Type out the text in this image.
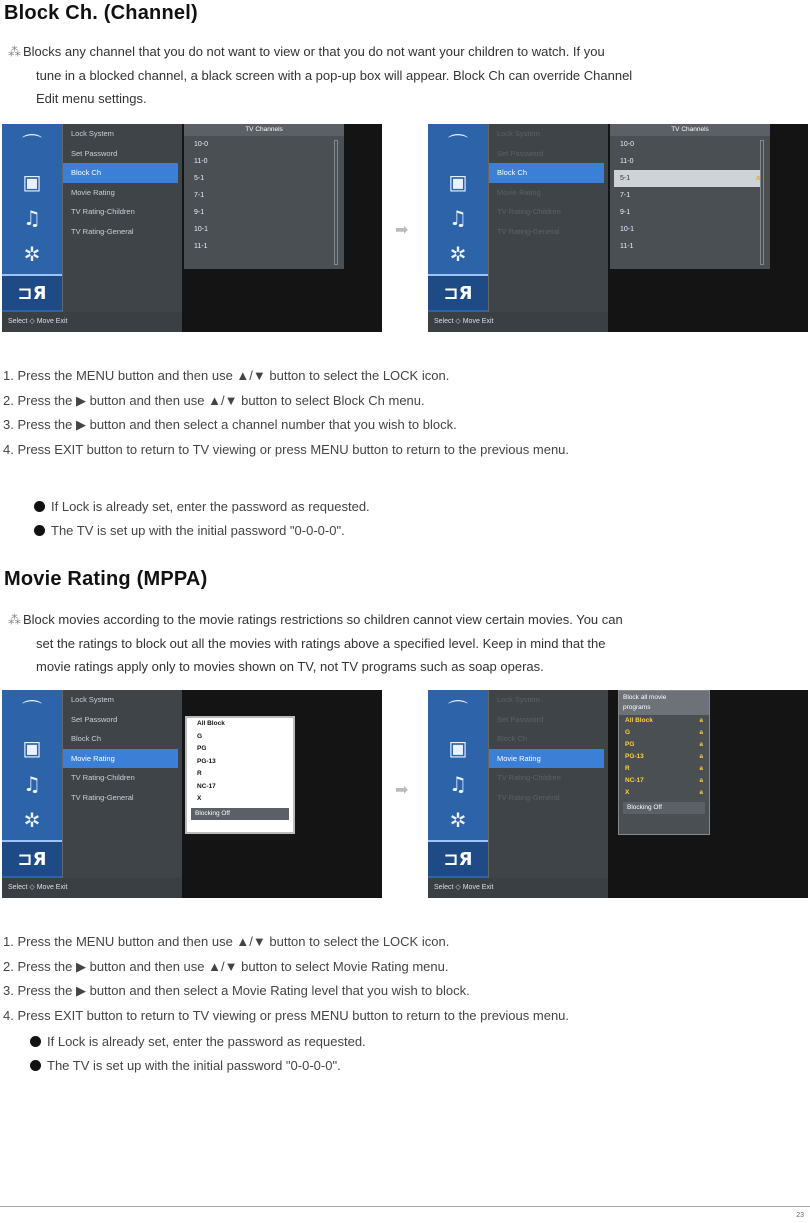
Block Ch. (Channel)
⁂ Blocks any channel that you do not want to view or that you do not want your children to watch. If you
tune in a blocked channel, a black screen with a pop-up box will appear. Block Ch can override Channel
Edit menu settings.
⌒
▣
♫
✲
⊐Я
Lock System
Set Password
Block Ch
Movie Rating
TV Rating-Children
TV Rating-General
TV Channels
10-0
11-0
5-1
7-1
9-1
10-1
11-1
Select ◇ Move Exit
➡
⌒
▣
♫
✲
⊐Я
Lock System
Set Password
Block Ch
Movie Rating
TV Rating-Children
TV Rating-General
TV Channels
10-0
11-0
5-1	a
7-1
9-1
10-1
11-1
Select ◇ Move Exit
1. Press the MENU button and then use ▲/▼ button to select the LOCK icon.
2. Press the ▶ button and then use ▲/▼ button to select Block Ch menu.
3. Press the ▶ button and then select a channel number that you wish to block.
4. Press EXIT button to return to TV viewing or press MENU button to return to the previous menu.
If Lock is already set, enter the password as requested.
The TV is set up with the initial password "0-0-0-0".
Movie Rating (MPPA)
⁂ Block movies according to the movie ratings restrictions so children cannot view certain movies. You can
set the ratings to block out all the movies with ratings above a specified level. Keep in mind that the
movie ratings apply only to movies shown on TV, not TV programs such as soap operas.
⌒
▣
♫
✲
⊐Я
Lock System
Set Password
Block Ch
Movie Rating
TV Rating-Children
TV Rating-General
All Block
G
PG
PG-13
R
NC-17
X
Blocking Off
Select ◇ Move Exit
➡
⌒
▣
♫
✲
⊐Я
Lock System
Set Password
Block Ch
Movie Rating
TV Rating-Children
TV Rating-General
Block all movie
programs
a
All Block
a
G
a
PG
a
PG-13
a
R
a
NC-17
a
X
Blocking Off
Select ◇ Move Exit
1. Press the MENU button and then use ▲/▼ button to select the LOCK icon.
2. Press the ▶ button and then use ▲/▼ button to select Movie Rating menu.
3. Press the ▶ button and then select a Movie Rating level that you wish to block.
4. Press EXIT button to return to TV viewing or press MENU button to return to the previous menu.
If Lock is already set, enter the password as requested.
The TV is set up with the initial password "0-0-0-0".
23
